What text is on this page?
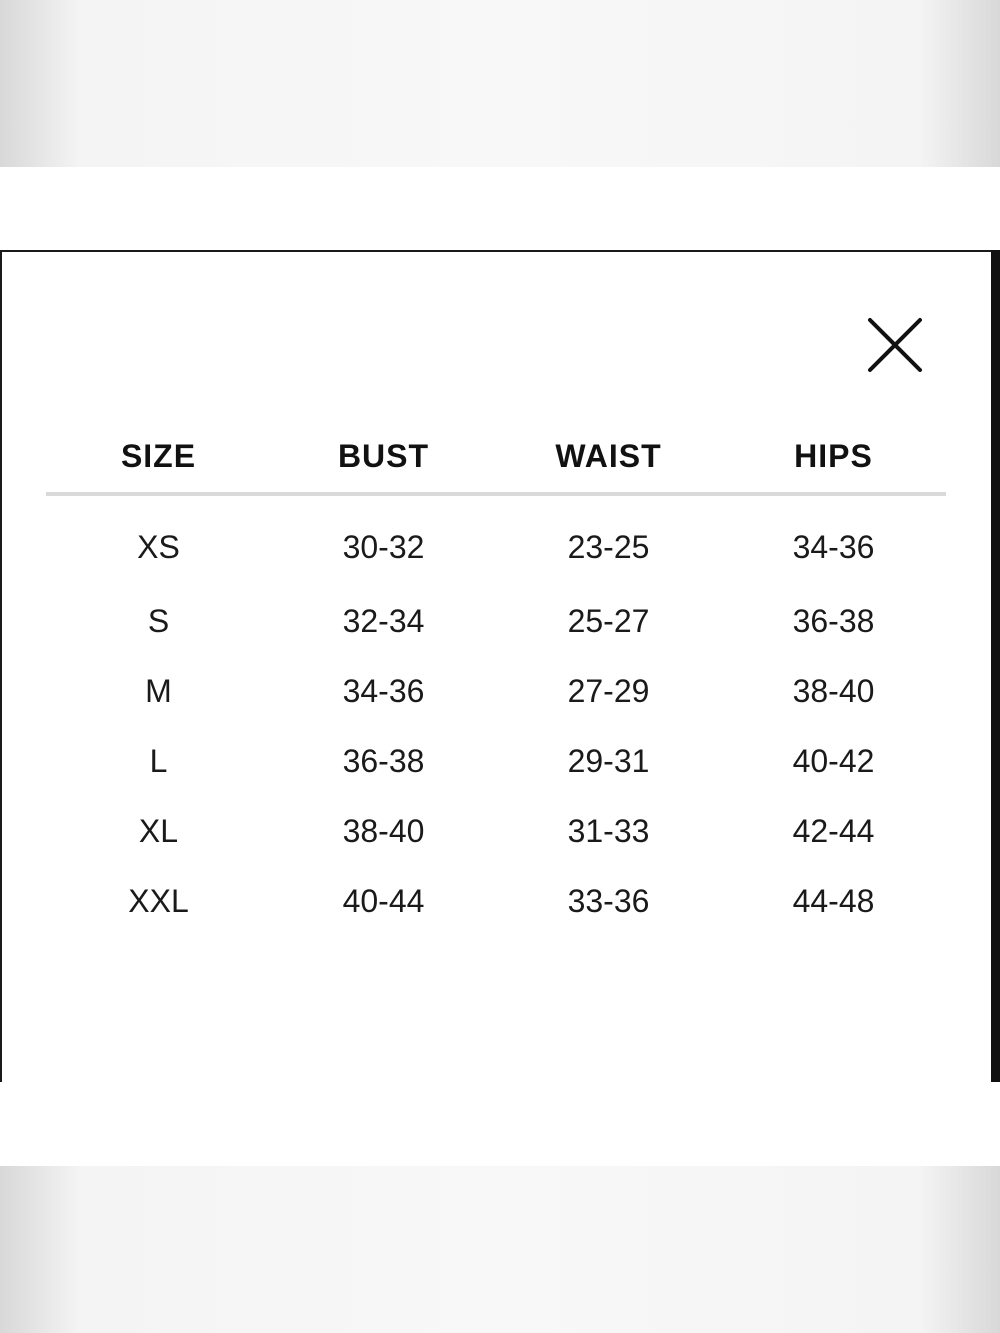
SIZE	BUST	WAIST	HIPS
XS	30-32	23-25	34-36
S	32-34	25-27	36-38
M	34-36	27-29	38-40
L	36-38	29-31	40-42
XL	38-40	31-33	42-44
XXL	40-44	33-36	44-48
